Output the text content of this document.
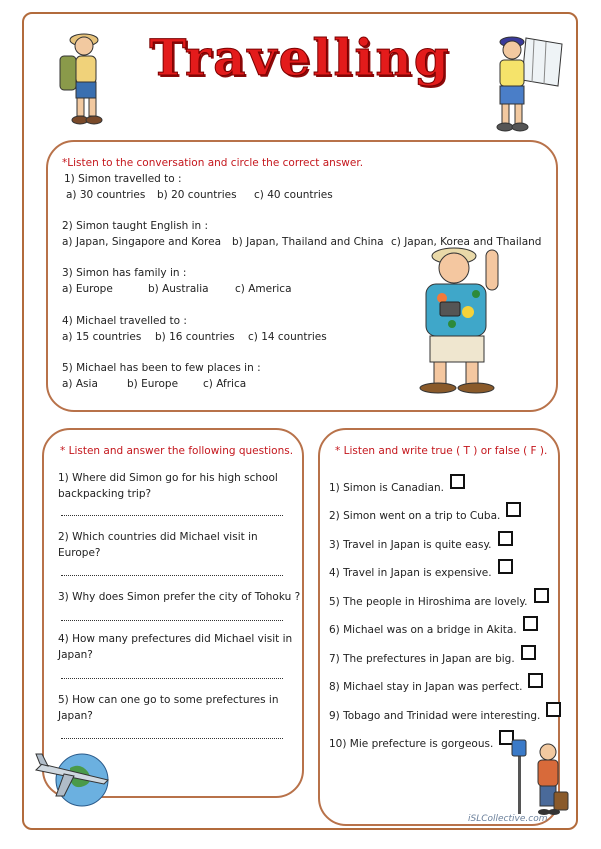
Travelling
*Listen to the conversation and circle the correct answer.
1) Simon travelled to :
a) 30 countries b) 20 countries c) 40 countries
2) Simon taught English in :
a) Japan, Singapore and Korea b) Japan, Thailand and China c) Japan, Korea and Thailand
3) Simon has family in :
a) Europe	b) Australia	c) America
4) Michael travelled to :
a) 15 countries b) 16 countries c) 14 countries
5) Michael has been to few places in :
a) Asia	b) Europe c) Africa
* Listen and answer the following questions.
1) Where did Simon go for his high school
backpacking trip?
2) Which countries did Michael visit in
Europe?
3) Why does Simon prefer the city of Tohoku ?
4) How many prefectures did Michael visit in
Japan?
5) How can one go to some prefectures in
Japan?
* Listen and write true ( T ) or false ( F ).
1) Simon is Canadian.
2) Simon went on a trip to Cuba.
3) Travel in Japan is quite easy.
4) Travel in Japan is expensive.
5) The people in Hiroshima are lovely.
6) Michael was on a bridge in Akita.
7) The prefectures in Japan are big.
8) Michael stay in Japan was perfect.
9) Tobago and Trinidad were interesting.
10) Mie prefecture is gorgeous.
iSLCollective.com
